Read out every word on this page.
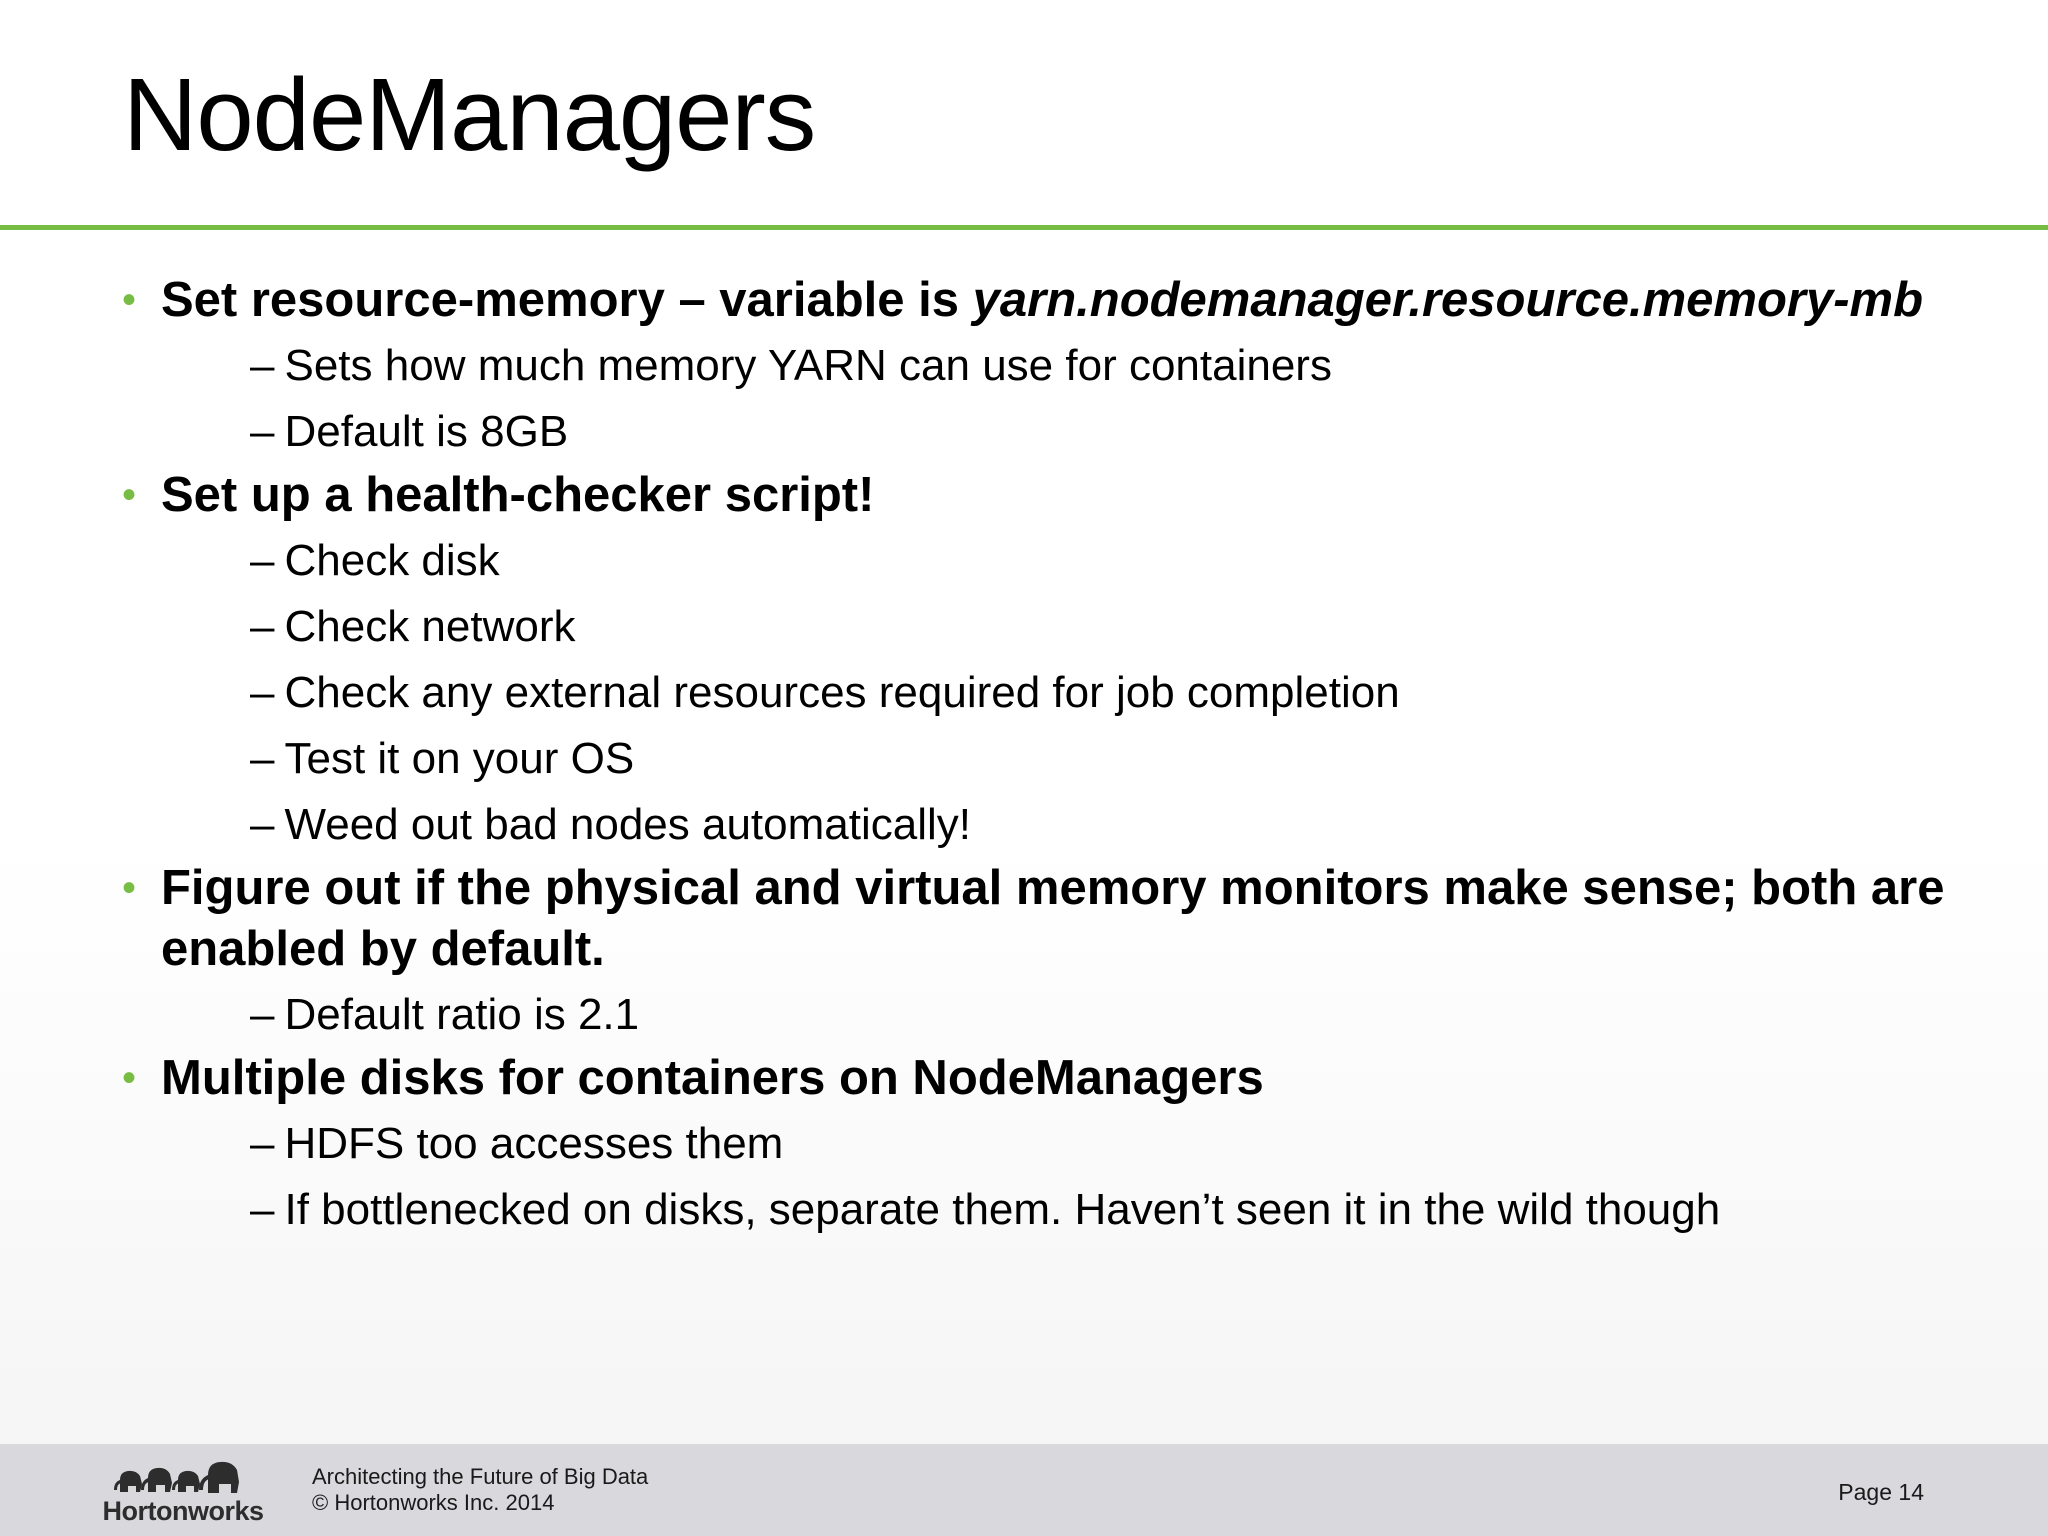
NodeManagers
• Set resource-memory – variable is yarn.nodemanager.resource.memory-mb
– Sets how much memory YARN can use for containers
– Default is 8GB
• Set up a health-checker script!
– Check disk
– Check network
– Check any external resources required for job completion
– Test it on your OS
– Weed out bad nodes automatically!
• Figure out if the physical and virtual memory monitors make sense; both are enabled by default.
– Default ratio is 2.1
• Multiple disks for containers on NodeManagers
– HDFS too accesses them
– If bottlenecked on disks, separate them. Haven’t seen it in the wild though
Hortonworks
Architecting the Future of Big Data
© Hortonworks Inc. 2014	Page 14
